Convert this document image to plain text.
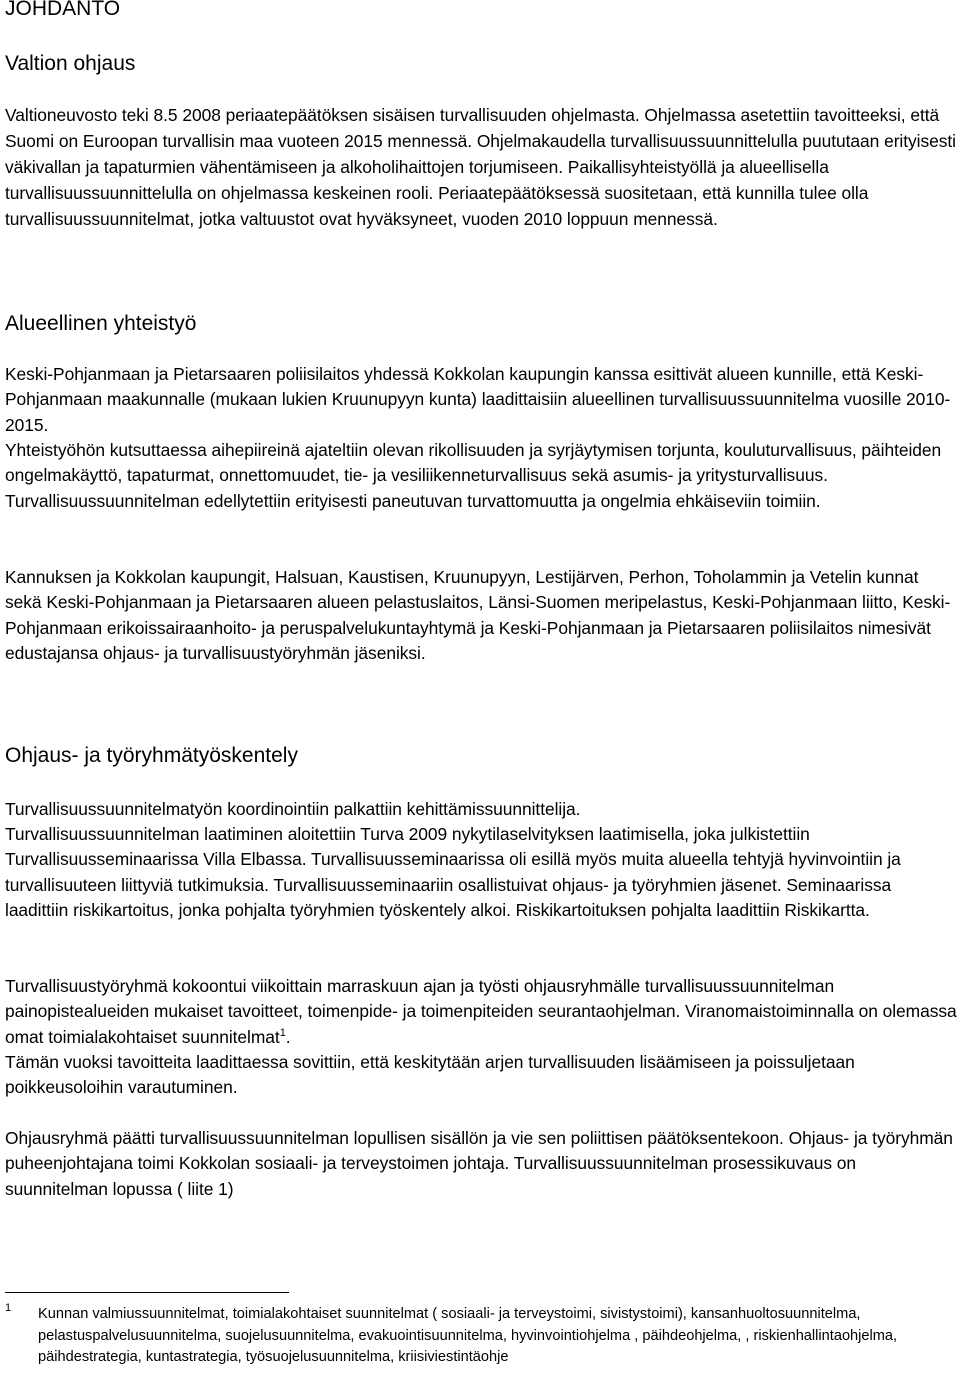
JOHDANTO
Valtion ohjaus
Valtioneuvosto teki 8.5 2008 periaatepäätöksen sisäisen turvallisuuden ohjelmasta. Ohjelmassa asetettiin tavoitteeksi, että Suomi on Euroopan turvallisin maa vuoteen 2015 mennessä. Ohjelmakaudella turvallisuussuunnittelulla puututaan erityisesti väkivallan ja tapaturmien vähentämiseen ja alkoholihaittojen torjumiseen. Paikallisyhteistyöllä ja alueellisella turvallisuussuunnittelulla on ohjelmassa keskeinen rooli. Periaatepäätöksessä suositetaan, että kunnilla tulee olla turvallisuussuunnitelmat, jotka valtuustot ovat hyväksyneet, vuoden 2010 loppuun mennessä.
Alueellinen yhteistyö
Keski-Pohjanmaan ja Pietarsaaren poliisilaitos yhdessä Kokkolan kaupungin kanssa esittivät alueen kunnille, että Keski-Pohjanmaan maakunnalle (mukaan lukien Kruunupyyn kunta) laadittaisiin alueellinen turvallisuussuunnitelma vuosille 2010-2015.
Yhteistyöhön kutsuttaessa aihepiireinä ajateltiin olevan rikollisuuden ja syrjäytymisen torjunta, kouluturvallisuus, päihteiden ongelmakäyttö, tapaturmat, onnettomuudet, tie- ja vesiliikenneturvallisuus sekä asumis- ja yritysturvallisuus. Turvallisuussuunnitelman edellytettiin erityisesti paneutuvan turvattomuutta ja ongelmia ehkäiseviin toimiin.
Kannuksen ja Kokkolan kaupungit, Halsuan, Kaustisen, Kruunupyyn, Lestijärven, Perhon, Toholammin ja Vetelin kunnat sekä Keski-Pohjanmaan ja Pietarsaaren alueen pelastuslaitos, Länsi-Suomen meripelastus, Keski-Pohjanmaan liitto, Keski-Pohjanmaan erikoissairaanhoito- ja peruspalvelukuntayhtymä ja Keski-Pohjanmaan ja Pietarsaaren poliisilaitos nimesivät edustajansa ohjaus- ja turvallisuustyöryhmän jäseniksi.
Ohjaus- ja työryhmätyöskentely
Turvallisuussuunnitelmatyön koordinointiin palkattiin kehittämissuunnittelija.
Turvallisuussuunnitelman laatiminen aloitettiin Turva 2009 nykytilaselvityksen laatimisella, joka julkistettiin Turvallisuusseminaarissa Villa Elbassa. Turvallisuusseminaarissa oli esillä myös muita alueella tehtyjä hyvinvointiin ja turvallisuuteen liittyviä tutkimuksia. Turvallisuusseminaariin osallistuivat ohjaus- ja työryhmien jäsenet. Seminaarissa laadittiin riskikartoitus, jonka pohjalta työryhmien työskentely alkoi. Riskikartoituksen pohjalta laadittiin Riskikartta.
Turvallisuustyöryhmä kokoontui viikoittain marraskuun ajan ja työsti ohjausryhmälle turvallisuussuunnitelman painopistealueiden mukaiset tavoitteet, toimenpide- ja toimenpiteiden seurantaohjelman. Viranomaistoiminnalla on olemassa omat toimialakohtaiset suunnitelmat$^1$.
Tämän vuoksi tavoitteita laadittaessa sovittiin, että keskitytään arjen turvallisuuden lisäämiseen ja poissuljetaan poikkeusoloihin varautuminen.
Ohjausryhmä päätti turvallisuussuunnitelman lopullisen sisällön ja vie sen poliittisen päätöksentekoon. Ohjaus- ja työryhmän puheenjohtajana toimi Kokkolan sosiaali- ja terveystoimen johtaja. Turvallisuussuunnitelman prosessikuvaus on suunnitelman lopussa ( liite 1)
1 Kunnan valmiussuunnitelmat, toimialakohtaiset suunnitelmat ( sosiaali- ja terveystoimi, sivistystoimi), kansanhuoltosuunnitelma, pelastuspalvelusuunnitelma, suojelusuunnitelma, evakuointisuunnitelma, hyvinvointiohjelma , päihdeohjelma, , riskienhallintaohjelma, päihdestrategia, kuntastrategia, työsuojelusuunnitelma, kriisiviestintäohje
